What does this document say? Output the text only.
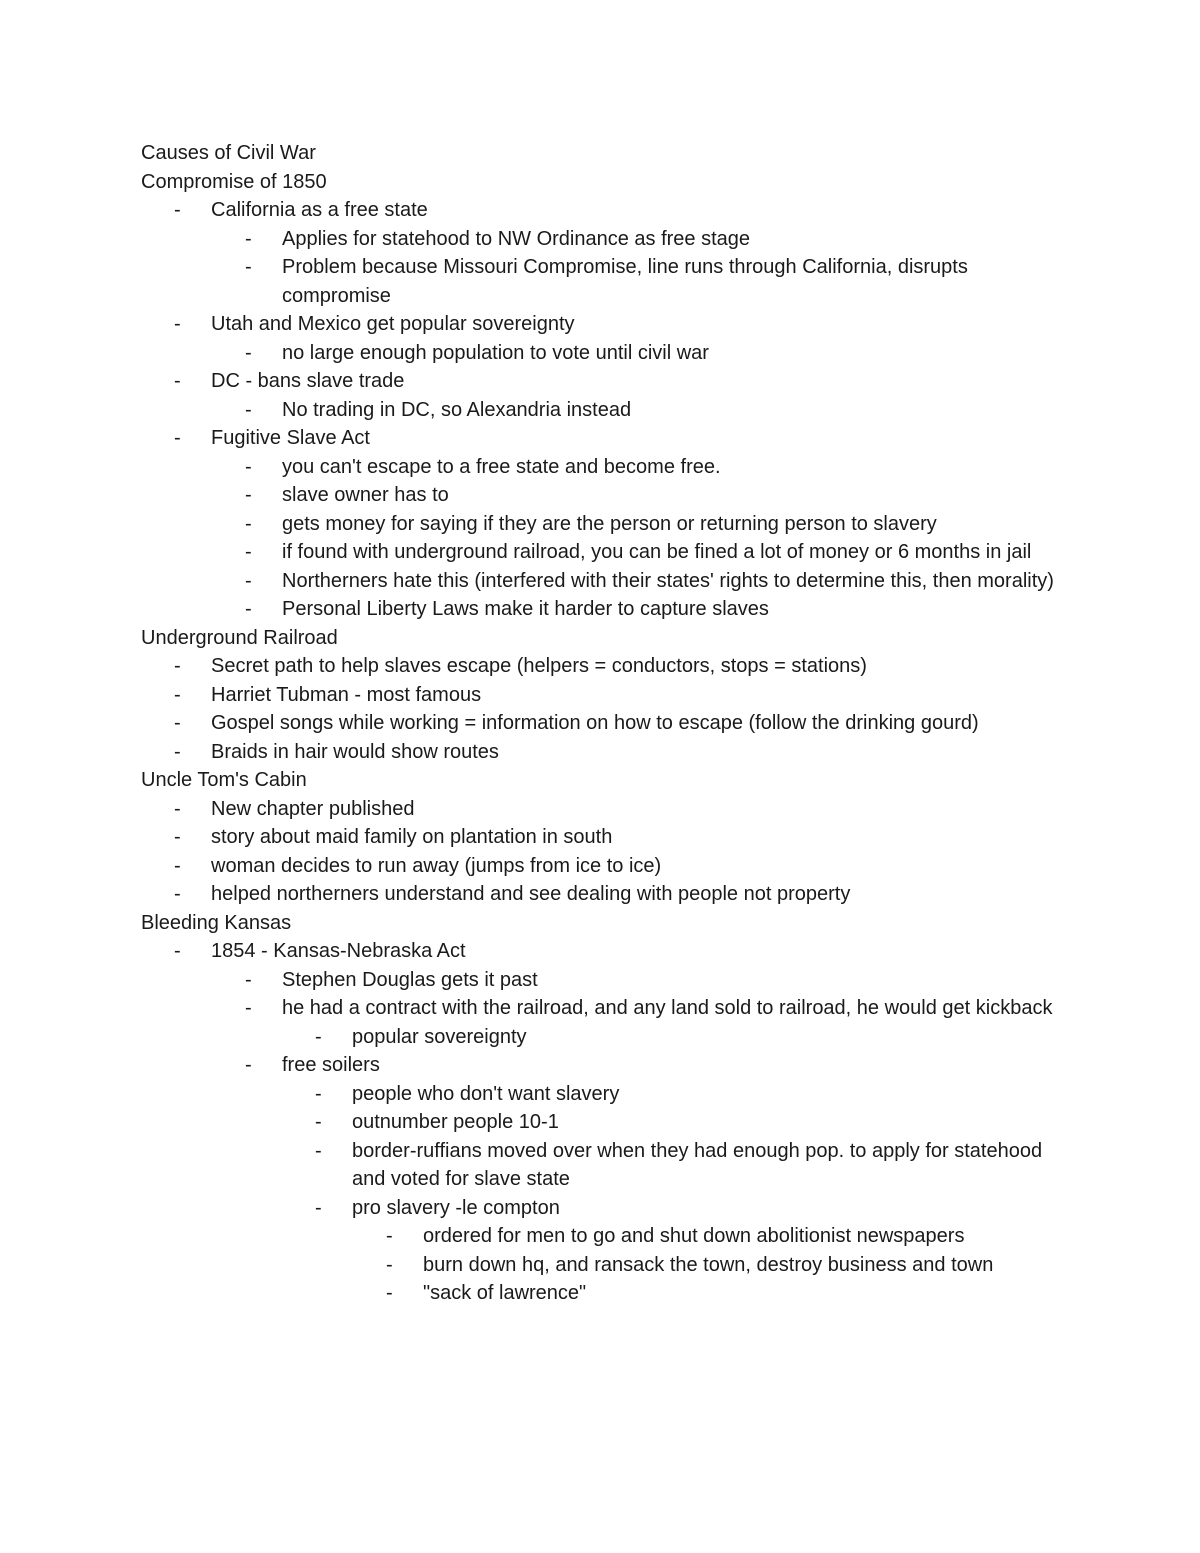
Causes of Civil War
Compromise of 1850
-	California as a free state
-	Applies for statehood to NW Ordinance as free stage
-	Problem because Missouri Compromise, line runs through California, disrupts compromise
-	Utah and Mexico get popular sovereignty
-	no large enough population to vote until civil war
-	DC - bans slave trade
-	No trading in DC, so Alexandria instead
-	Fugitive Slave Act
-	you can't escape to a free state and become free.
-	slave owner has to
-	gets money for saying if they are the person or returning person to slavery
-	if found with underground railroad, you can be fined a lot of money or 6 months in jail
-	Northerners hate this (interfered with their states' rights to determine this, then morality)
-	Personal Liberty Laws make it harder to capture slaves
Underground Railroad
-	Secret path to help slaves escape (helpers = conductors, stops = stations)
-	Harriet Tubman - most famous
-	Gospel songs while working = information on how to escape (follow the drinking gourd)
-	Braids in hair would show routes
Uncle Tom's Cabin
-	New chapter published
-	story about maid family on plantation in south
-	woman decides to run away (jumps from ice to ice)
-	helped northerners understand and see dealing with people not property
Bleeding Kansas
-	1854 - Kansas-Nebraska Act
-	Stephen Douglas gets it past
-	he had a contract with the railroad, and any land sold to railroad, he would get kickback
-	popular sovereignty
-	free soilers
-	people who don't want slavery
-	outnumber people 10-1
-	border-ruffians moved over when they had enough pop. to apply for statehood and voted for slave state
-	pro slavery -le compton
-	ordered for men to go and shut down abolitionist newspapers
-	burn down hq, and ransack the town, destroy business and town
-	"sack of lawrence"
